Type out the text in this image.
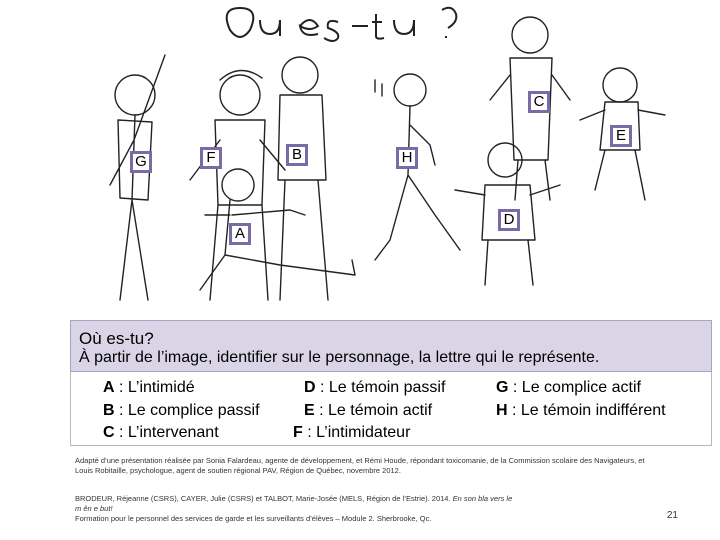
C
E
B
F
G	H
D
A
Où es-tu?
À partir de l’image, identifier sur le personnage, la lettre qui le représente.
A : L’intimidé
B : Le complice passif
C : L’intervenant
D : Le témoin passif
E : Le témoin actif
F : L’intimidateur
G : Le complice actif
H : Le témoin indifférent
Adapté d’une présentation réalisée par Sonia Falardeau, agente de développement, et Rémi Houde, répondant toxicomanie, de la Commission scolaire des Navigateurs, et
Louis Robitaille, psychologue, agent de soutien régional PAV, Région de Québec, novembre 2012.
BRODEUR, Réjeanne (CSRS), CAYER, Julie (CSRS) et TALBOT, Marie-Josée (MELS, Région de l’Estrie). 2014. En son bla vers le
m ên e but!
Formation pour le personnel des services de garde et les surveillants d’élèves – Module 2. Sherbrooke, Qc.	21
